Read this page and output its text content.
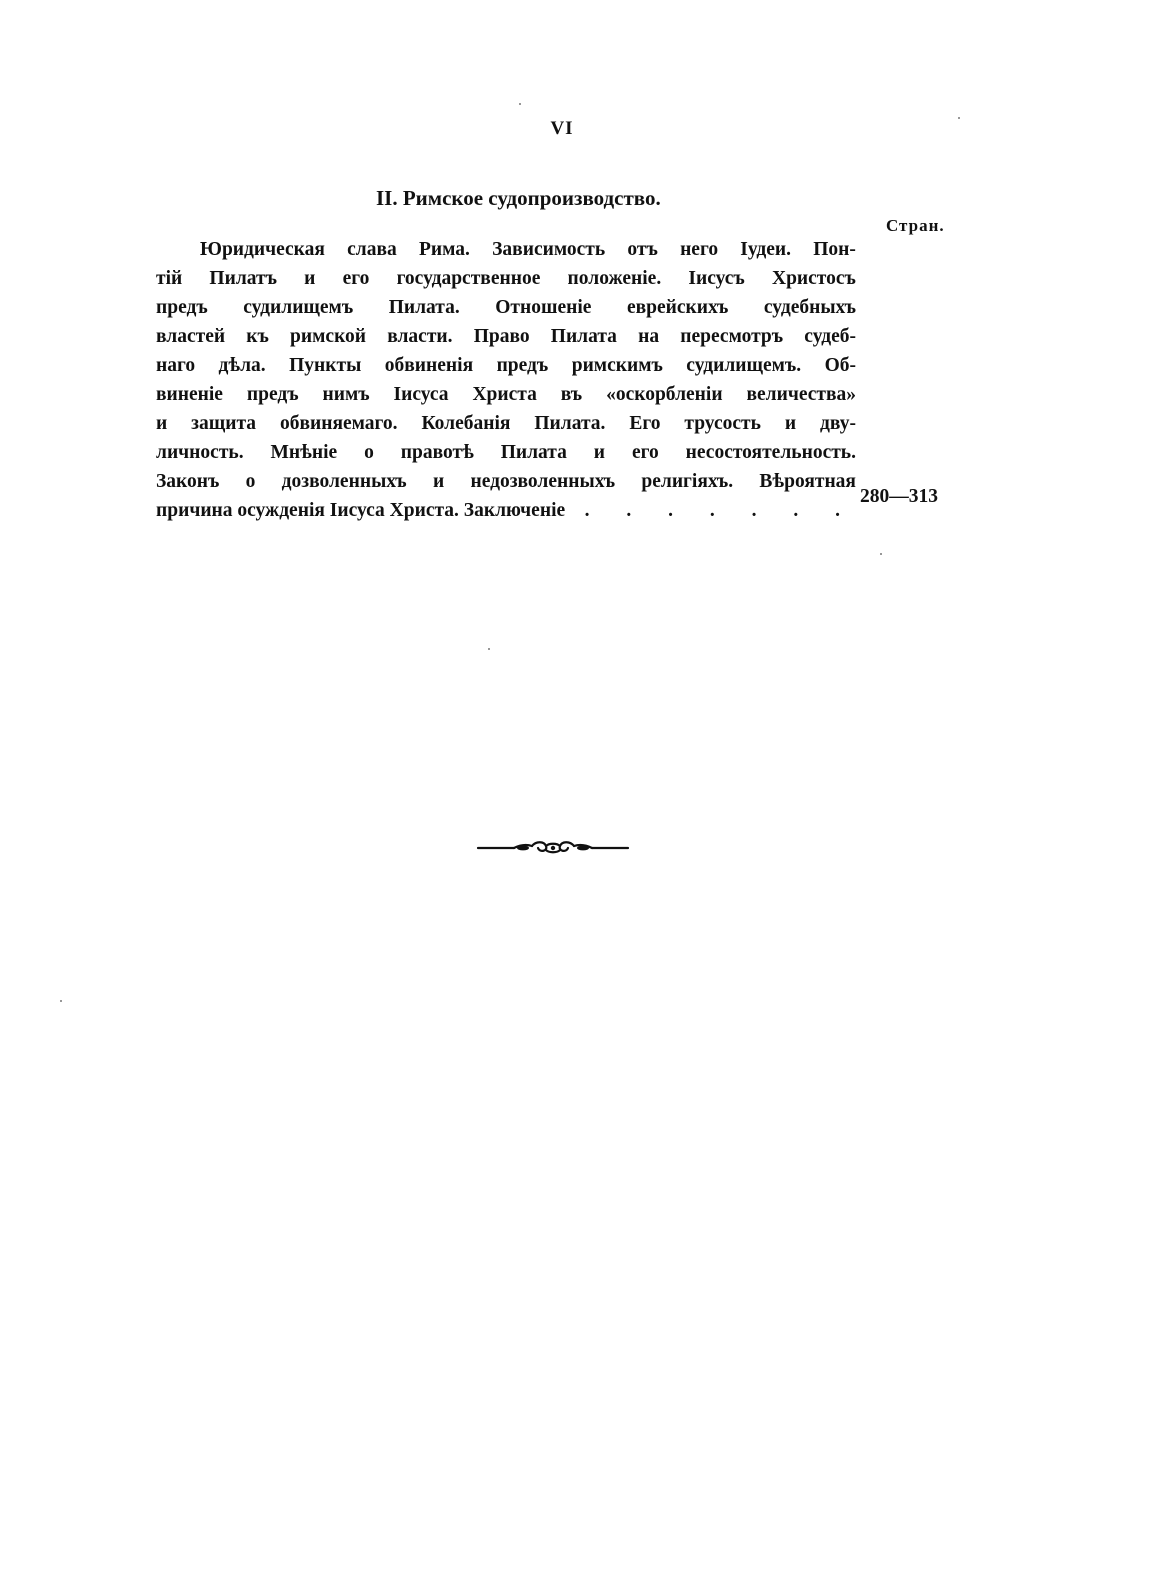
VI
II. Римское судопроизводство.
Стран.
Юридическая слава Рима. Зависимость отъ него Іудеи. Пон-
тій Пилатъ и его государственное положеніе. Іисусъ Христосъ
предъ судилищемъ Пилата. Отношеніе еврейскихъ судебныхъ
властей къ римской власти. Право Пилата на пересмотръ судеб-
наго дѣла. Пункты обвиненія предъ римскимъ судилищемъ. Об-
виненіе предъ нимъ Іисуса Христа въ «оскорбленіи величества»
и защита обвиняемаго. Колебанія Пилата. Его трусость и дву-
личность. Мнѣніе о правотѣ Пилата и его несостоятельность.
Законъ о дозволенныхъ и недозволенныхъ религіяхъ. Вѣроятная
причина осужденія Іисуса Христа. Заключеніе . . . . . . .
280—313
